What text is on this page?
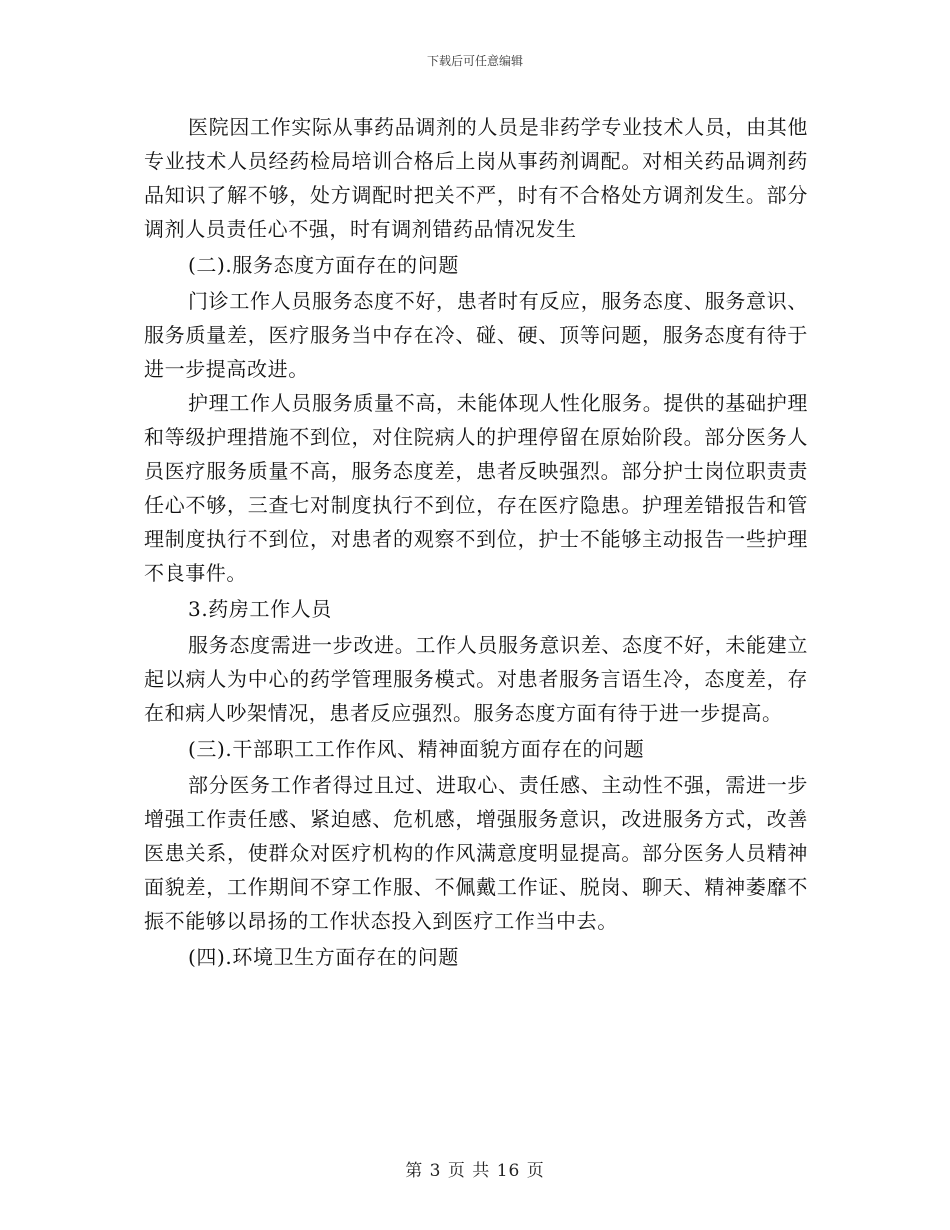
下载后可任意编辑

医院因工作实际从事药品调剂的人员是非药学专业技术人员，由其他专业技术人员经药检局培训合格后上岗从事药剂调配。对相关药品调剂药品知识了解不够，处方调配时把关不严，时有不合格处方调剂发生。部分调剂人员责任心不强，时有调剂错药品情况发生

(二).服务态度方面存在的问题

门诊工作人员服务态度不好，患者时有反应，服务态度、服务意识、服务质量差，医疗服务当中存在冷、碰、硬、顶等问题，服务态度有待于进一步提高改进。

护理工作人员服务质量不高，未能体现人性化服务。提供的基础护理和等级护理措施不到位，对住院病人的护理停留在原始阶段。部分医务人员医疗服务质量不高，服务态度差，患者反映强烈。部分护士岗位职责责任心不够，三查七对制度执行不到位，存在医疗隐患。护理差错报告和管理制度执行不到位，对患者的观察不到位，护士不能够主动报告一些护理不良事件。

3.药房工作人员

服务态度需进一步改进。工作人员服务意识差、态度不好，未能建立起以病人为中心的药学管理服务模式。对患者服务言语生冷，态度差，存在和病人吵架情况，患者反应强烈。服务态度方面有待于进一步提高。

(三).干部职工工作作风、精神面貌方面存在的问题

部分医务工作者得过且过、进取心、责任感、主动性不强，需进一步增强工作责任感、紧迫感、危机感，增强服务意识，改进服务方式，改善医患关系，使群众对医疗机构的作风满意度明显提高。部分医务人员精神面貌差，工作期间不穿工作服、不佩戴工作证、脱岗、聊天、精神萎靡不振不能够以昂扬的工作状态投入到医疗工作当中去。

(四).环境卫生方面存在的问题

第 3 页 共 16 页
